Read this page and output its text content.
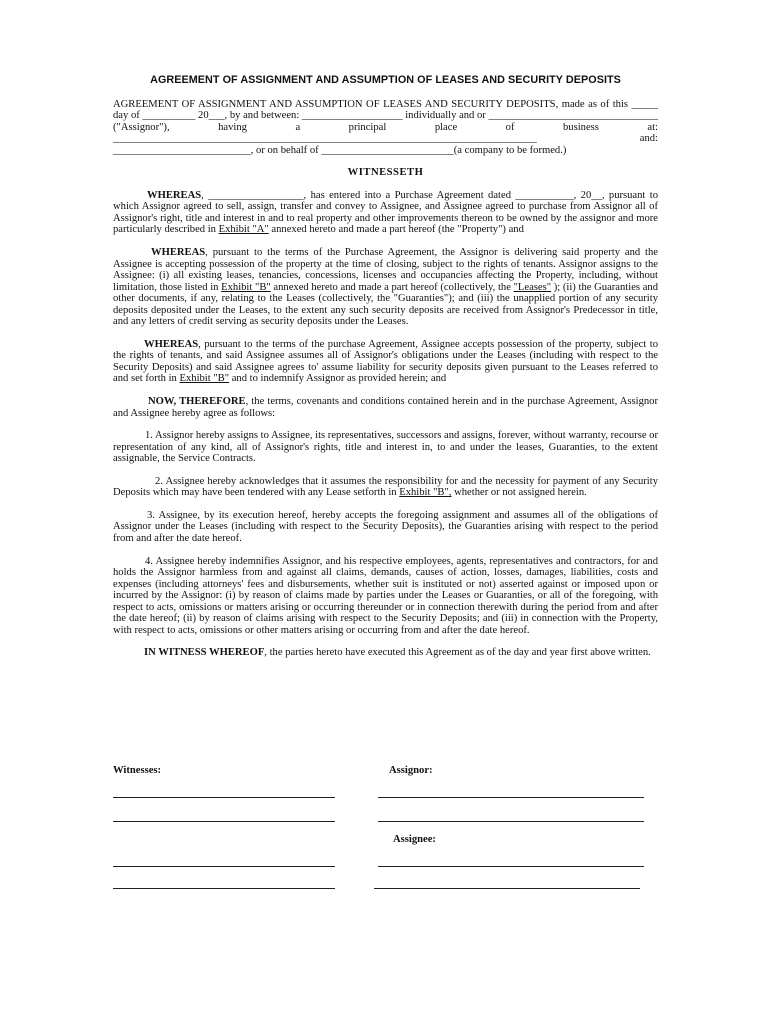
AGREEMENT OF ASSIGNMENT AND ASSUMPTION OF LEASES AND SECURITY DEPOSITS

AGREEMENT OF ASSIGNMENT AND ASSUMPTION OF LEASES AND SECURITY DEPOSITS, made as of this _____ day of __________ 20___, by and between: ___________________ individually and or ________________________________ ("Assignor"), having a principal place of business at: ________________________________________________________________________________ and: __________________________, or on behalf of _________________________(a company to be formed.)

WITNESSETH

WHEREAS, __________________, has entered into a Purchase Agreement dated ___________, 20__, pursuant to which Assignor agreed to sell, assign, transfer and convey to Assignee, and Assignee agreed to purchase from Assignor all of Assignor's right, title and interest in and to real property and other improvements thereon to be owned by the assignor and more particularly described in Exhibit "A" annexed hereto and made a part hereof (the "Property") and

WHEREAS, pursuant to the terms of the Purchase Agreement, the Assignor is delivering said property and the Assignee is accepting possession of the property at the time of closing, subject to the rights of tenants. Assignor assigns to the Assignee: (i) all existing leases, tenancies, concessions, licenses and occupancies affecting the Property, including, without limitation, those listed in Exhibit "B" annexed hereto and made a part hereof (collectively, the "Leases" ); (ii) the Guaranties and other documents, if any, relating to the Leases (collectively, the "Guaranties"); and (iii) the unapplied portion of any security deposits deposited under the Leases, to the extent any such security deposits are received from Assignor's Predecessor in title, and any letters of credit serving as security deposits under the Leases.

WHEREAS, pursuant to the terms of the purchase Agreement, Assignee accepts possession of the property, subject to the rights of tenants, and said Assignee assumes all of Assignor's obligations under the Leases (including with respect to the Security Deposits) and said Assignee agrees to' assume liability for security deposits given pursuant to the Leases referred to and set forth in Exhibit "B" and to indemnify Assignor as provided herein; and

NOW, THEREFORE, the terms, covenants and conditions contained herein and in the purchase Agreement, Assignor and Assignee hereby agree as follows:

1. Assignor hereby assigns to Assignee, its representatives, successors and assigns, forever, without warranty, recourse or representation of any kind, all of Assignor's rights, title and interest in, to and under the leases, Guaranties, to the extent assignable, the Service Contracts.

2. Assignee hereby acknowledges that it assumes the responsibility for and the necessity for payment of any Security Deposits which may have been tendered with any Lease setforth in Exhibit "B", whether or not assigned herein.

3. Assignee, by its execution hereof, hereby accepts the foregoing assignment and assumes all of the obligations of Assignor under the Leases (including with respect to the Security Deposits), the Guaranties arising with respect to the period from and after the date hereof.

4. Assignee hereby indemnifies Assignor, and his respective employees, agents, representatives and contractors, for and holds the Assignor harmless from and against all claims, demands, causes of action, losses, damages, liabilities, costs and expenses (including attorneys' fees and disbursements, whether suit is instituted or not) asserted against or imposed upon or incurred by the Assignor: (i) by reason of claims made by parties under the Leases or Guaranties, or all of the foregoing, with respect to acts, omissions or matters arising or occurring thereunder or in connection therewith during the period from and after the date hereof; (ii) by reason of claims arising with respect to the Security Deposits; and (iii) in connection with the Property, with respect to acts, omissions or other matters arising or occurring from and after the date hereof.

IN WITNESS WHEREOF, the parties hereto have executed this Agreement as of the day and year first above written.

Witnesses:	Assignor:
Assignee:
